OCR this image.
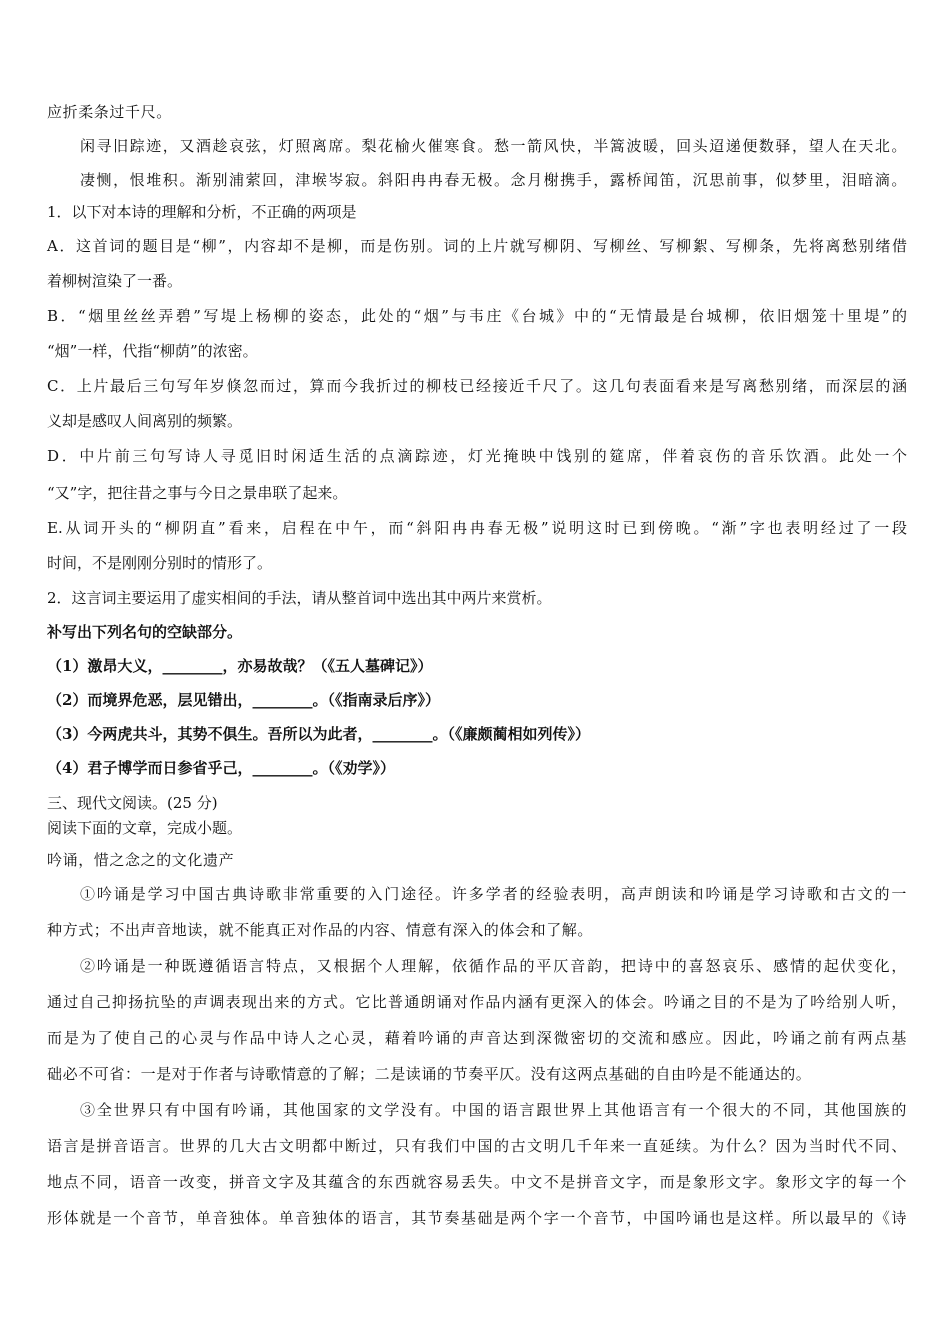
应折柔条过千尺。
闲寻旧踪迹，又酒趁哀弦，灯照离席。梨花榆火催寒食。愁一箭风快，半篙波暖，回头迢递便数驿，望人在天北。
凄恻，恨堆积。渐别浦萦回，津堠岑寂。斜阳冉冉春无极。念月榭携手，露桥闻笛，沉思前事，似梦里，泪暗滴。
1．以下对本诗的理解和分析，不正确的两项是
A．这首词的题目是“柳”，内容却不是柳，而是伤别。词的上片就写柳阴、写柳丝、写柳絮、写柳条，先将离愁别绪借
着柳树渲染了一番。
B．“烟里丝丝弄碧”写堤上杨柳的姿态，此处的“烟”与韦庄《台城》中的“无情最是台城柳，依旧烟笼十里堤”的
“烟”一样，代指“柳荫”的浓密。
C．上片最后三句写年岁倏忽而过，算而今我折过的柳枝已经接近千尺了。这几句表面看来是写离愁别绪，而深层的涵
义却是感叹人间离别的频繁。
D．中片前三句写诗人寻觅旧时闲适生活的点滴踪迹，灯光掩映中饯别的筵席，伴着哀伤的音乐饮酒。此处一个
“又”字，把往昔之事与今日之景串联了起来。
E.从词开头的“柳阴直”看来，启程在中午，而“斜阳冉冉春无极”说明这时已到傍晚。“渐”字也表明经过了一段
时间，不是刚刚分别时的情形了。
2．这言词主要运用了虚实相间的手法，请从整首词中选出其中两片来赏析。
补写出下列名句的空缺部分。
（1）激昂大义，________，亦易故哉？（《五人墓碑记》）
（2）而境界危恶，层见错出，________。（《指南录后序》）
（3）今两虎共斗，其势不俱生。吾所以为此者，________。（《廉颇蔺相如列传》）
（4）君子博学而日参省乎己，________。（《劝学》）
三、现代文阅读。(25 分)
阅读下面的文章，完成小题。
吟诵，惜之念之的文化遗产
①吟诵是学习中国古典诗歌非常重要的入门途径。许多学者的经验表明，高声朗读和吟诵是学习诗歌和古文的一
种方式；不出声音地读，就不能真正对作品的内容、情意有深入的体会和了解。
②吟诵是一种既遵循语言特点，又根据个人理解，依循作品的平仄音韵，把诗中的喜怒哀乐、感情的起伏变化，
通过自己抑扬抗坠的声调表现出来的方式。它比普通朗诵对作品内涵有更深入的体会。吟诵之目的不是为了吟给别人听，
而是为了使自己的心灵与作品中诗人之心灵，藉着吟诵的声音达到深微密切的交流和感应。因此，吟诵之前有两点基
础必不可省：一是对于作者与诗歌情意的了解；二是读诵的节奏平仄。没有这两点基础的自由吟是不能通达的。
③全世界只有中国有吟诵，其他国家的文学没有。中国的语言跟世界上其他语言有一个很大的不同，其他国族的
语言是拼音语言。世界的几大古文明都中断过，只有我们中国的古文明几千年来一直延续。为什么？因为当时代不同、
地点不同，语音一改变，拼音文字及其蕴含的东西就容易丢失。中文不是拼音文字，而是象形文字。象形文字的每一个
形体就是一个音节，单音独体。单音独体的语言，其节奏基础是两个字一个音节，中国吟诵也是这样。所以最早的《诗
